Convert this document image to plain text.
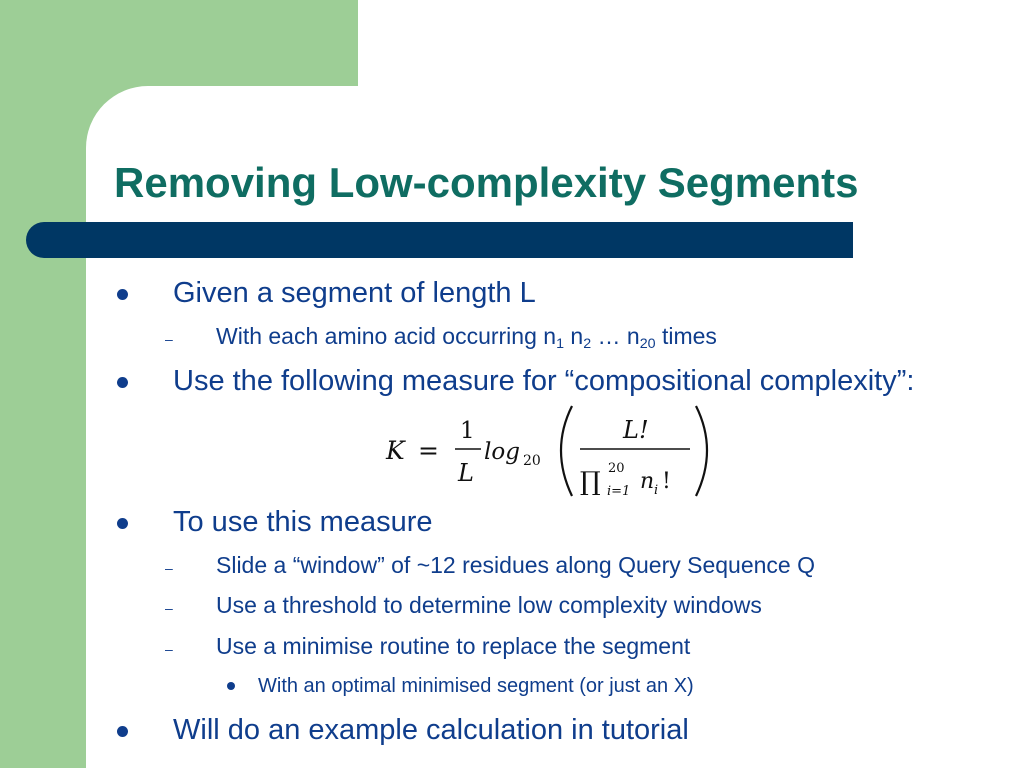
Removing Low-complexity Segments
Given a segment of length L
– With each amino acid occurring $n_1$ $n_2$ … $n_{20}$ times
Use the following measure for “compositional complexity”:
K =
1
L
log 20
L!
∏ 20
i=1 n i !
To use this measure
– Slide a “window” of ~12 residues along Query Sequence Q
– Use a threshold to determine low complexity windows
– Use a minimise routine to replace the segment
With an optimal minimised segment (or just an X)
Will do an example calculation in tutorial
